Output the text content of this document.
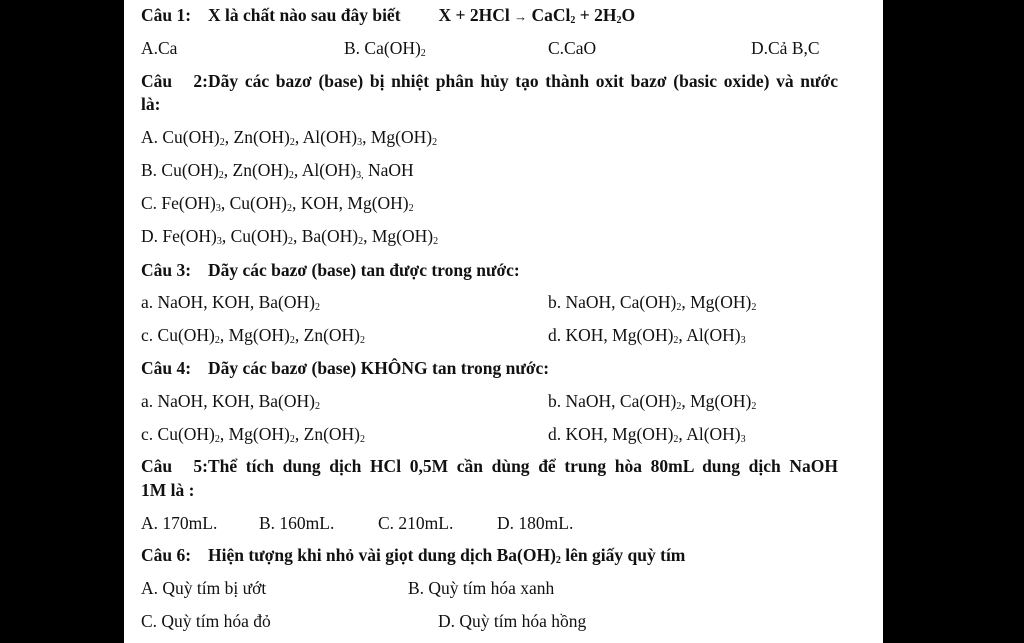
Câu 1: X là chất nào sau đây biết X + 2HCl → CaCl$_2$ + $2H_2O$
A.Ca	B. $Ca(OH)_2$	C.CaO	D.Cả B,C
Câu 2:Dãy các bazơ (base) bị nhiệt phân hủy tạo thành oxit bazơ (basic oxide) và nước
là:
A. $Cu(OH)_2$, $Zn(OH)_2$, $Al(OH)_3$, $Mg(OH)_2$
B. $Cu(OH)_2$, $Zn(OH)_2$, $Al(OH)_{3,}$ NaOH
C. $Fe(OH)_3$, $Cu(OH)_2$, KOH, $Mg(OH)_2$
D. $Fe(OH)_3$, $Cu(OH)_2$, $Ba(OH)_2$, $Mg(OH)_2$
Câu 3: Dãy các bazơ (base) tan được trong nước:
a. NaOH, KOH, $Ba(OH)_2$	b. NaOH, $Ca(OH)_2$, $Mg(OH)_2$
c. $Cu(OH)_2$, $Mg(OH)_2$, $Zn(OH)_2$	d. KOH, $Mg(OH)_2$, $Al(OH)_3$
Câu 4: Dãy các bazơ (base) KHÔNG tan trong nước:
a. NaOH, KOH, $Ba(OH)_2$	b. NaOH, $Ca(OH)_2$, $Mg(OH)_2$
c. $Cu(OH)_2$, $Mg(OH)_2$, $Zn(OH)_2$	d. KOH, $Mg(OH)_2$, $Al(OH)_3$
Câu 5:Thể tích dung dịch HCl 0,5M cần dùng để trung hòa 80mL dung dịch NaOH
1M là :
A. 170mL. B. 160mL. C. 210mL. D. 180mL.
Câu 6: Hiện tượng khi nhỏ vài giọt dung dịch $Ba(OH)_2$ lên giấy quỳ tím
A. Quỳ tím bị ướt	B. Quỳ tím hóa xanh
C. Quỳ tím hóa đỏ	D. Quỳ tím hóa hồng
